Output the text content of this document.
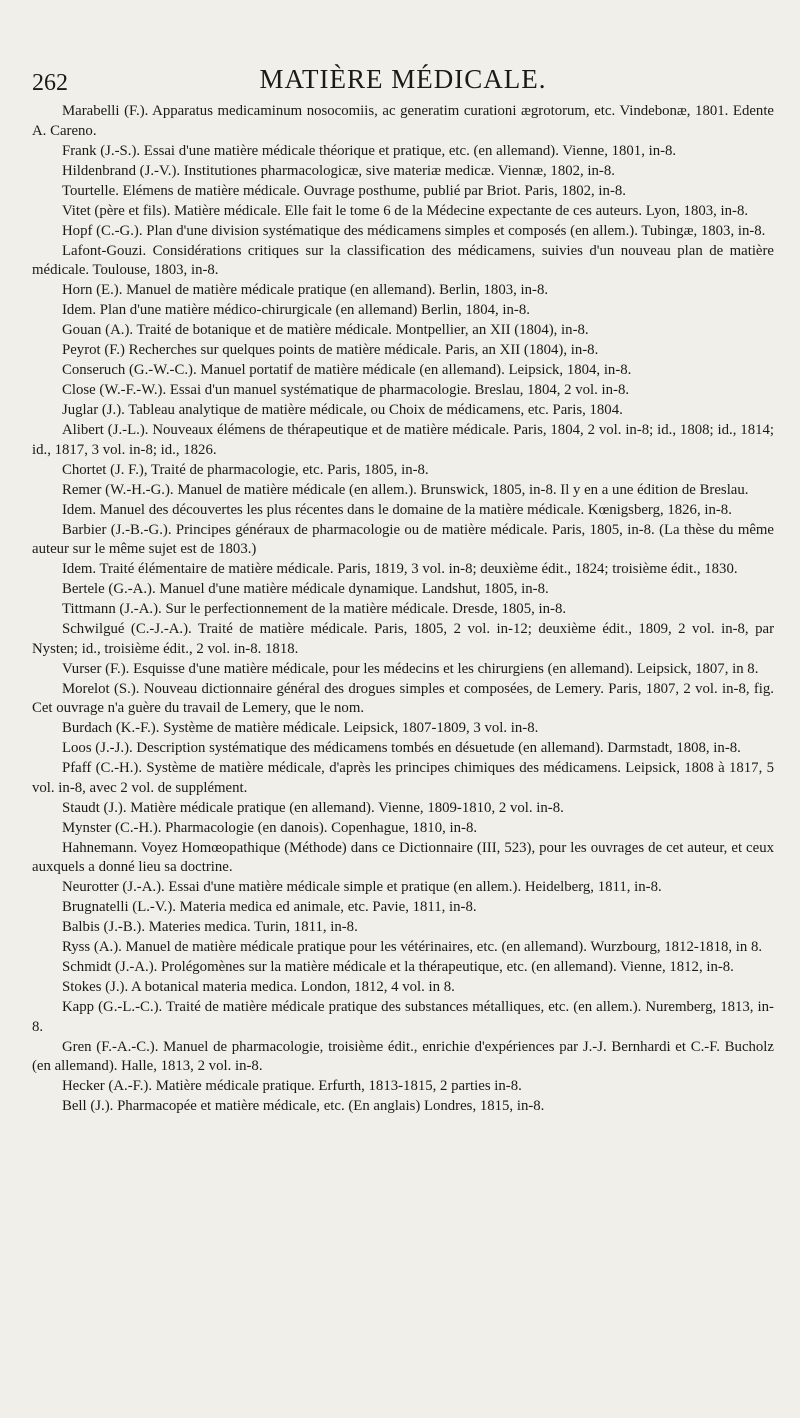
262	MATIÈRE MÉDICALE.

Marabelli (F.). Apparatus medicaminum nosocomiis, ac generatim curationi ægrotorum, etc. Vindebonæ, 1801. Edente A. Careno.

Frank (J.-S.). Essai d'une matière médicale théorique et pratique, etc. (en allemand). Vienne, 1801, in-8.

Hildenbrand (J.-V.). Institutiones pharmacologicæ, sive materiæ medicæ. Viennæ, 1802, in-8.

Tourtelle. Elémens de matière médicale. Ouvrage posthume, publié par Briot. Paris, 1802, in-8.

Vitet (père et fils). Matière médicale. Elle fait le tome 6 de la Médecine expectante de ces auteurs. Lyon, 1803, in-8.

Hopf (C.-G.). Plan d'une division systématique des médicamens simples et composés (en allem.). Tubingæ, 1803, in-8.

Lafont-Gouzi. Considérations critiques sur la classification des médicamens, suivies d'un nouveau plan de matière médicale. Toulouse, 1803, in-8.

Horn (E.). Manuel de matière médicale pratique (en allemand). Berlin, 1803, in-8.

Idem. Plan d'une matière médico-chirurgicale (en allemand) Berlin, 1804, in-8.

Gouan (A.). Traité de botanique et de matière médicale. Montpellier, an XII (1804), in-8.

Peyrot (F.) Recherches sur quelques points de matière médicale. Paris, an XII (1804), in-8.

Conseruch (G.-W.-C.). Manuel portatif de matière médicale (en allemand). Leipsick, 1804, in-8.

Close (W.-F.-W.). Essai d'un manuel systématique de pharmacologie. Breslau, 1804, 2 vol. in-8.

Juglar (J.). Tableau analytique de matière médicale, ou Choix de médicamens, etc. Paris, 1804.

Alibert (J.-L.). Nouveaux élémens de thérapeutique et de matière médicale. Paris, 1804, 2 vol. in-8; id., 1808; id., 1814; id., 1817, 3 vol. in-8; id., 1826.

Chortet (J. F.), Traité de pharmacologie, etc. Paris, 1805, in-8.

Remer (W.-H.-G.). Manuel de matière médicale (en allem.). Brunswick, 1805, in-8. Il y en a une édition de Breslau.

Idem. Manuel des découvertes les plus récentes dans le domaine de la matière médicale. Kœnigsberg, 1826, in-8.

Barbier (J.-B.-G.). Principes généraux de pharmacologie ou de matière médicale. Paris, 1805, in-8. (La thèse du même auteur sur le même sujet est de 1803.)

Idem. Traité élémentaire de matière médicale. Paris, 1819, 3 vol. in-8; deuxième édit., 1824; troisième édit., 1830.

Bertele (G.-A.). Manuel d'une matière médicale dynamique. Landshut, 1805, in-8.

Tittmann (J.-A.). Sur le perfectionnement de la matière médicale. Dresde, 1805, in-8.

Schwilgué (C.-J.-A.). Traité de matière médicale. Paris, 1805, 2 vol. in-12; deuxième édit., 1809, 2 vol. in-8, par Nysten; id., troisième édit., 2 vol. in-8. 1818.

Vurser (F.). Esquisse d'une matière médicale, pour les médecins et les chirurgiens (en allemand). Leipsick, 1807, in 8.

Morelot (S.). Nouveau dictionnaire général des drogues simples et composées, de Lemery. Paris, 1807, 2 vol. in-8, fig. Cet ouvrage n'a guère du travail de Lemery, que le nom.

Burdach (K.-F.). Système de matière médicale. Leipsick, 1807-1809, 3 vol. in-8.

Loos (J.-J.). Description systématique des médicamens tombés en désuetude (en allemand). Darmstadt, 1808, in-8.

Pfaff (C.-H.). Système de matière médicale, d'après les principes chimiques des médicamens. Leipsick, 1808 à 1817, 5 vol. in-8, avec 2 vol. de supplément.

Staudt (J.). Matière médicale pratique (en allemand). Vienne, 1809-1810, 2 vol. in-8.

Mynster (C.-H.). Pharmacologie (en danois). Copenhague, 1810, in-8.

Hahnemann. Voyez Homœopathique (Méthode) dans ce Dictionnaire (III, 523), pour les ouvrages de cet auteur, et ceux auxquels a donné lieu sa doctrine.

Neurotter (J.-A.). Essai d'une matière médicale simple et pratique (en allem.). Heidelberg, 1811, in-8.

Brugnatelli (L.-V.). Materia medica ed animale, etc. Pavie, 1811, in-8.

Balbis (J.-B.). Materies medica. Turin, 1811, in-8.

Ryss (A.). Manuel de matière médicale pratique pour les vétérinaires, etc. (en allemand). Wurzbourg, 1812-1818, in 8.

Schmidt (J.-A.). Prolégomènes sur la matière médicale et la thérapeutique, etc. (en allemand). Vienne, 1812, in-8.

Stokes (J.). A botanical materia medica. London, 1812, 4 vol. in 8.

Kapp (G.-L.-C.). Traité de matière médicale pratique des substances métalliques, etc. (en allem.). Nuremberg, 1813, in-8.

Gren (F.-A.-C.). Manuel de pharmacologie, troisième édit., enrichie d'expériences par J.-J. Bernhardi et C.-F. Bucholz (en allemand). Halle, 1813, 2 vol. in-8.

Hecker (A.-F.). Matière médicale pratique. Erfurth, 1813-1815, 2 parties in-8.

Bell (J.). Pharmacopée et matière médicale, etc. (En anglais) Londres, 1815, in-8.
